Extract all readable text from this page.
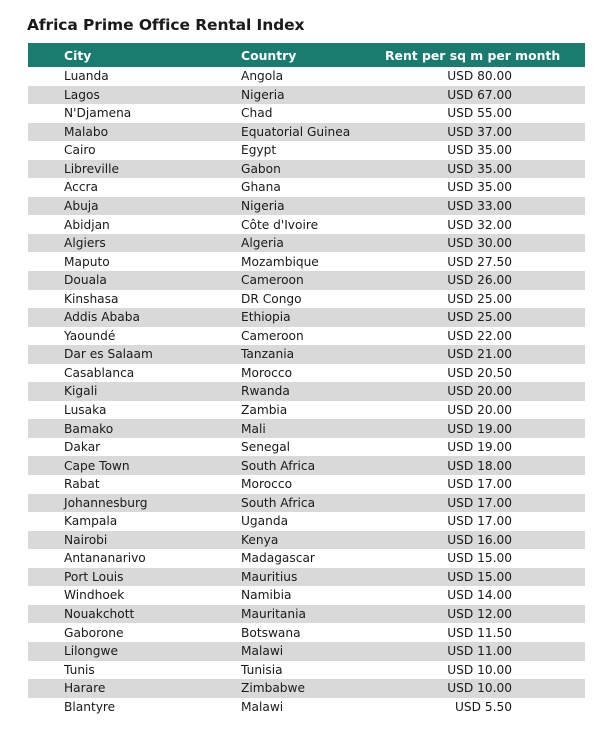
Africa Prime Office Rental Index
City	Country	Rent per sq m per month
Luanda	Angola	USD 80.00
Lagos	Nigeria	USD 67.00
N'Djamena	Chad	USD 55.00
Malabo	Equatorial Guinea	USD 37.00
Cairo	Egypt	USD 35.00
Libreville	Gabon	USD 35.00
Accra	Ghana	USD 35.00
Abuja	Nigeria	USD 33.00
Abidjan	Côte d'Ivoire	USD 32.00
Algiers	Algeria	USD 30.00
Maputo	Mozambique	USD 27.50
Douala	Cameroon	USD 26.00
Kinshasa	DR Congo	USD 25.00
Addis Ababa	Ethiopia	USD 25.00
Yaoundé	Cameroon	USD 22.00
Dar es Salaam	Tanzania	USD 21.00
Casablanca	Morocco	USD 20.50
Kigali	Rwanda	USD 20.00
Lusaka	Zambia	USD 20.00
Bamako	Mali	USD 19.00
Dakar	Senegal	USD 19.00
Cape Town	South Africa	USD 18.00
Rabat	Morocco	USD 17.00
Johannesburg	South Africa	USD 17.00
Kampala	Uganda	USD 17.00
Nairobi	Kenya	USD 16.00
Antananarivo	Madagascar	USD 15.00
Port Louis	Mauritius	USD 15.00
Windhoek	Namibia	USD 14.00
Nouakchott	Mauritania	USD 12.00
Gaborone	Botswana	USD 11.50
Lilongwe	Malawi	USD 11.00
Tunis	Tunisia	USD 10.00
Harare	Zimbabwe	USD 10.00
Blantyre	Malawi	USD 5.50
